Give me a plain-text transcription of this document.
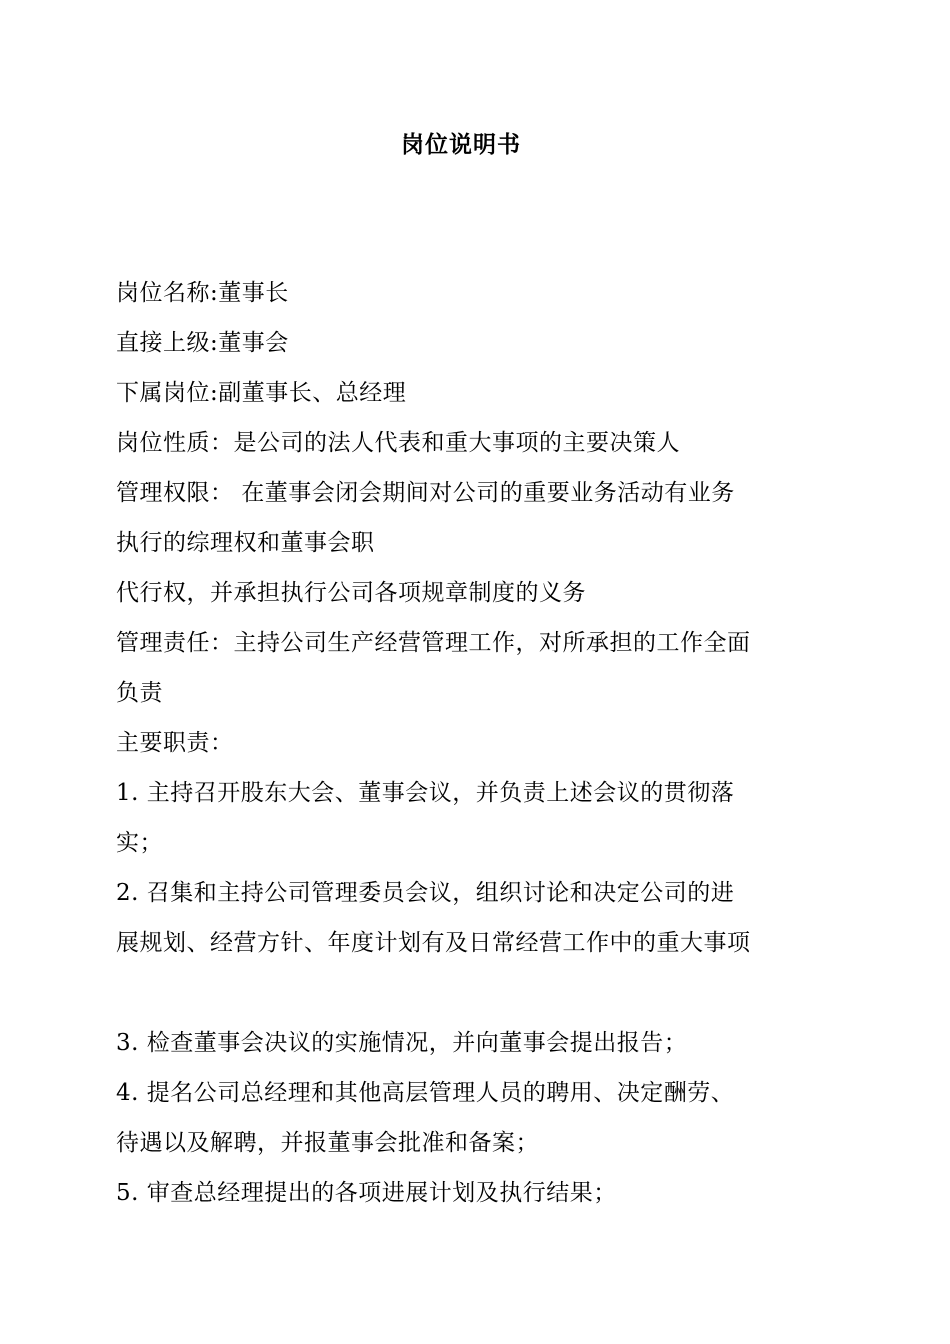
岗位说明书
岗位名称:董事长
直接上级:董事会
下属岗位:副董事长、总经理
岗位性质：是公司的法人代表和重大事项的主要决策人
管理权限： 在董事会闭会期间对公司的重要业务活动有业务
执行的综理权和董事会职
代行权，并承担执行公司各项规章制度的义务
管理责任：主持公司生产经营管理工作，对所承担的工作全面
负责
主要职责：
1. 主持召开股东大会、董事会议，并负责上述会议的贯彻落
实；
2. 召集和主持公司管理委员会议，组织讨论和决定公司的进
展规划、经营方针、年度计划有及日常经营工作中的重大事项
3. 检查董事会决议的实施情况，并向董事会提出报告；
4. 提名公司总经理和其他高层管理人员的聘用、决定酬劳、
待遇以及解聘，并报董事会批准和备案；
5. 审查总经理提出的各项进展计划及执行结果；
